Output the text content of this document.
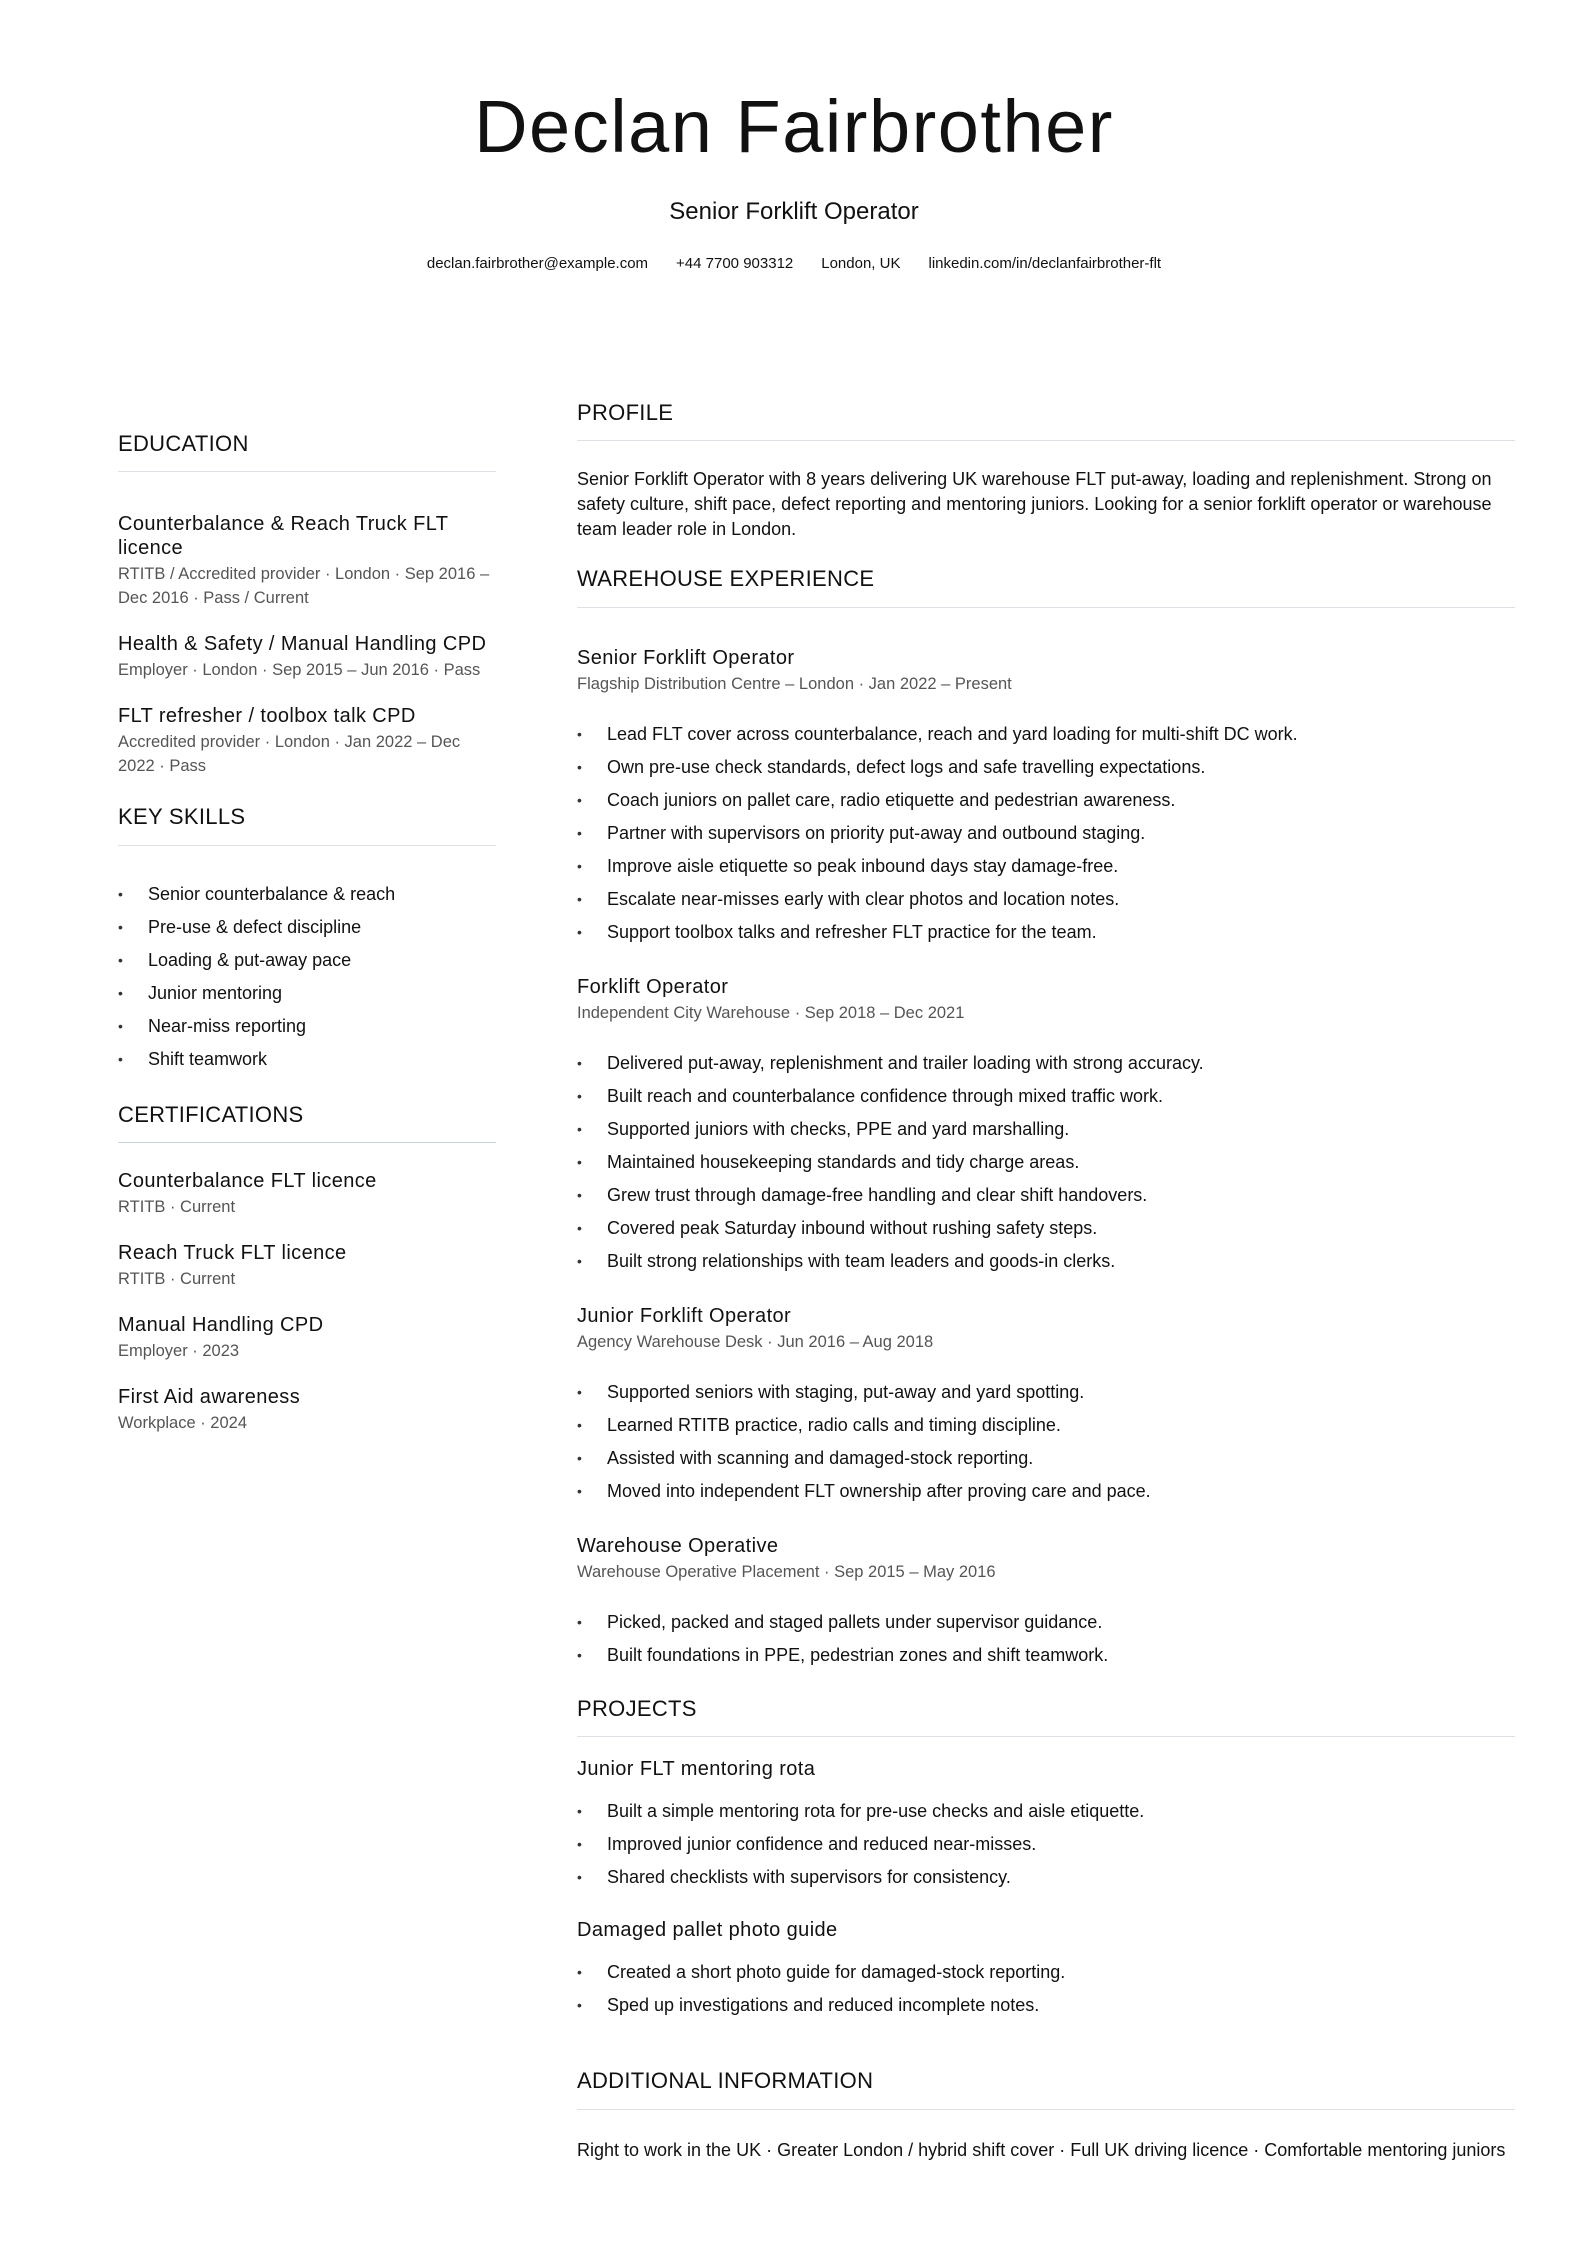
Declan Fairbrother
Senior Forklift Operator
declan.fairbrother@example.com +44 7700 903312 London, UK linkedin.com/in/declanfairbrother-flt
EDUCATION
Counterbalance & Reach Truck FLT licence
RTITB / Accredited provider · London · Sep 2016 – Dec 2016 · Pass / Current
Health & Safety / Manual Handling CPD
Employer · London · Sep 2015 – Jun 2016 · Pass
FLT refresher / toolbox talk CPD
Accredited provider · London · Jan 2022 – Dec 2022 · Pass
KEY SKILLS
• Senior counterbalance & reach
• Pre-use & defect discipline
• Loading & put-away pace
• Junior mentoring
• Near-miss reporting
• Shift teamwork
CERTIFICATIONS
Counterbalance FLT licence
RTITB · Current
Reach Truck FLT licence
RTITB · Current
Manual Handling CPD
Employer · 2023
First Aid awareness
Workplace · 2024
PROFILE

Senior Forklift Operator with 8 years delivering UK warehouse FLT put-away, loading and replenishment. Strong on safety culture, shift pace, defect reporting and mentoring juniors. Looking for a senior forklift operator or warehouse team leader role in London.

WAREHOUSE EXPERIENCE
Senior Forklift Operator
Flagship Distribution Centre – London · Jan 2022 – Present
• Lead FLT cover across counterbalance, reach and yard loading for multi-shift DC work.
• Own pre-use check standards, defect logs and safe travelling expectations.
• Coach juniors on pallet care, radio etiquette and pedestrian awareness.
• Partner with supervisors on priority put-away and outbound staging.
• Improve aisle etiquette so peak inbound days stay damage-free.
• Escalate near-misses early with clear photos and location notes.
• Support toolbox talks and refresher FLT practice for the team.
Forklift Operator
Independent City Warehouse · Sep 2018 – Dec 2021
• Delivered put-away, replenishment and trailer loading with strong accuracy.
• Built reach and counterbalance confidence through mixed traffic work.
• Supported juniors with checks, PPE and yard marshalling.
• Maintained housekeeping standards and tidy charge areas.
• Grew trust through damage-free handling and clear shift handovers.
• Covered peak Saturday inbound without rushing safety steps.
• Built strong relationships with team leaders and goods-in clerks.
Junior Forklift Operator
Agency Warehouse Desk · Jun 2016 – Aug 2018
• Supported seniors with staging, put-away and yard spotting.
• Learned RTITB practice, radio calls and timing discipline.
• Assisted with scanning and damaged-stock reporting.
• Moved into independent FLT ownership after proving care and pace.
Warehouse Operative
Warehouse Operative Placement · Sep 2015 – May 2016
• Picked, packed and staged pallets under supervisor guidance.
• Built foundations in PPE, pedestrian zones and shift teamwork.
PROJECTS
Junior FLT mentoring rota
• Built a simple mentoring rota for pre-use checks and aisle etiquette.
• Improved junior confidence and reduced near-misses.
• Shared checklists with supervisors for consistency.
Damaged pallet photo guide
• Created a short photo guide for damaged-stock reporting.
• Sped up investigations and reduced incomplete notes.
ADDITIONAL INFORMATION

Right to work in the UK · Greater London / hybrid shift cover · Full UK driving licence · Comfortable mentoring juniors
